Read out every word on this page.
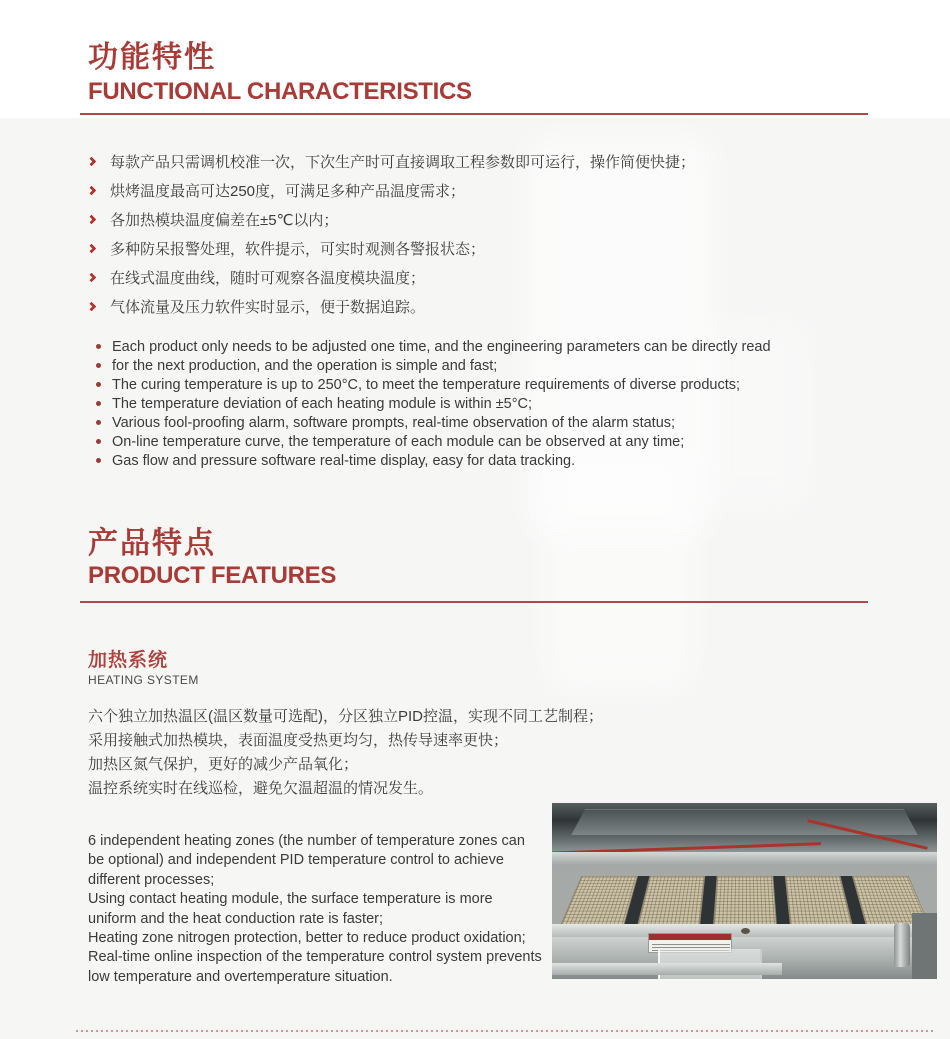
功能特性
FUNCTIONAL CHARACTERISTICS
每款产品只需调机校准一次，下次生产时可直接调取工程参数即可运行，操作简便快捷；
烘烤温度最高可达250度，可满足多种产品温度需求；
各加热模块温度偏差在±5℃以内；
多种防呆报警处理，软件提示，可实时观测各警报状态；
在线式温度曲线，随时可观察各温度模块温度；
气体流量及压力软件实时显示，便于数据追踪。
Each product only needs to be adjusted one time, and the engineering parameters can be directly read
for the next production, and the operation is simple and fast;
The curing temperature is up to 250°C, to meet the temperature requirements of diverse products;
The temperature deviation of each heating module is within ±5°C;
Various fool-proofing alarm, software prompts, real-time observation of the alarm status;
On-line temperature curve, the temperature of each module can be observed at any time;
Gas flow and pressure software real-time display, easy for data tracking.
产品特点
PRODUCT FEATURES
加热系统
HEATING SYSTEM
六个独立加热温区(温区数量可选配)，分区独立PID控温，实现不同工艺制程；
采用接触式加热模块，表面温度受热更均匀，热传导速率更快；
加热区氮气保护，更好的减少产品氧化；
温控系统实时在线巡检，避免欠温超温的情况发生。
6 independent heating zones (the number of temperature zones can
be optional) and independent PID temperature control to achieve
different processes;
Using contact heating module, the surface temperature is more
uniform and the heat conduction rate is faster;
Heating zone nitrogen protection, better to reduce product oxidation;
Real-time online inspection of the temperature control system prevents
low temperature and overtemperature situation.
